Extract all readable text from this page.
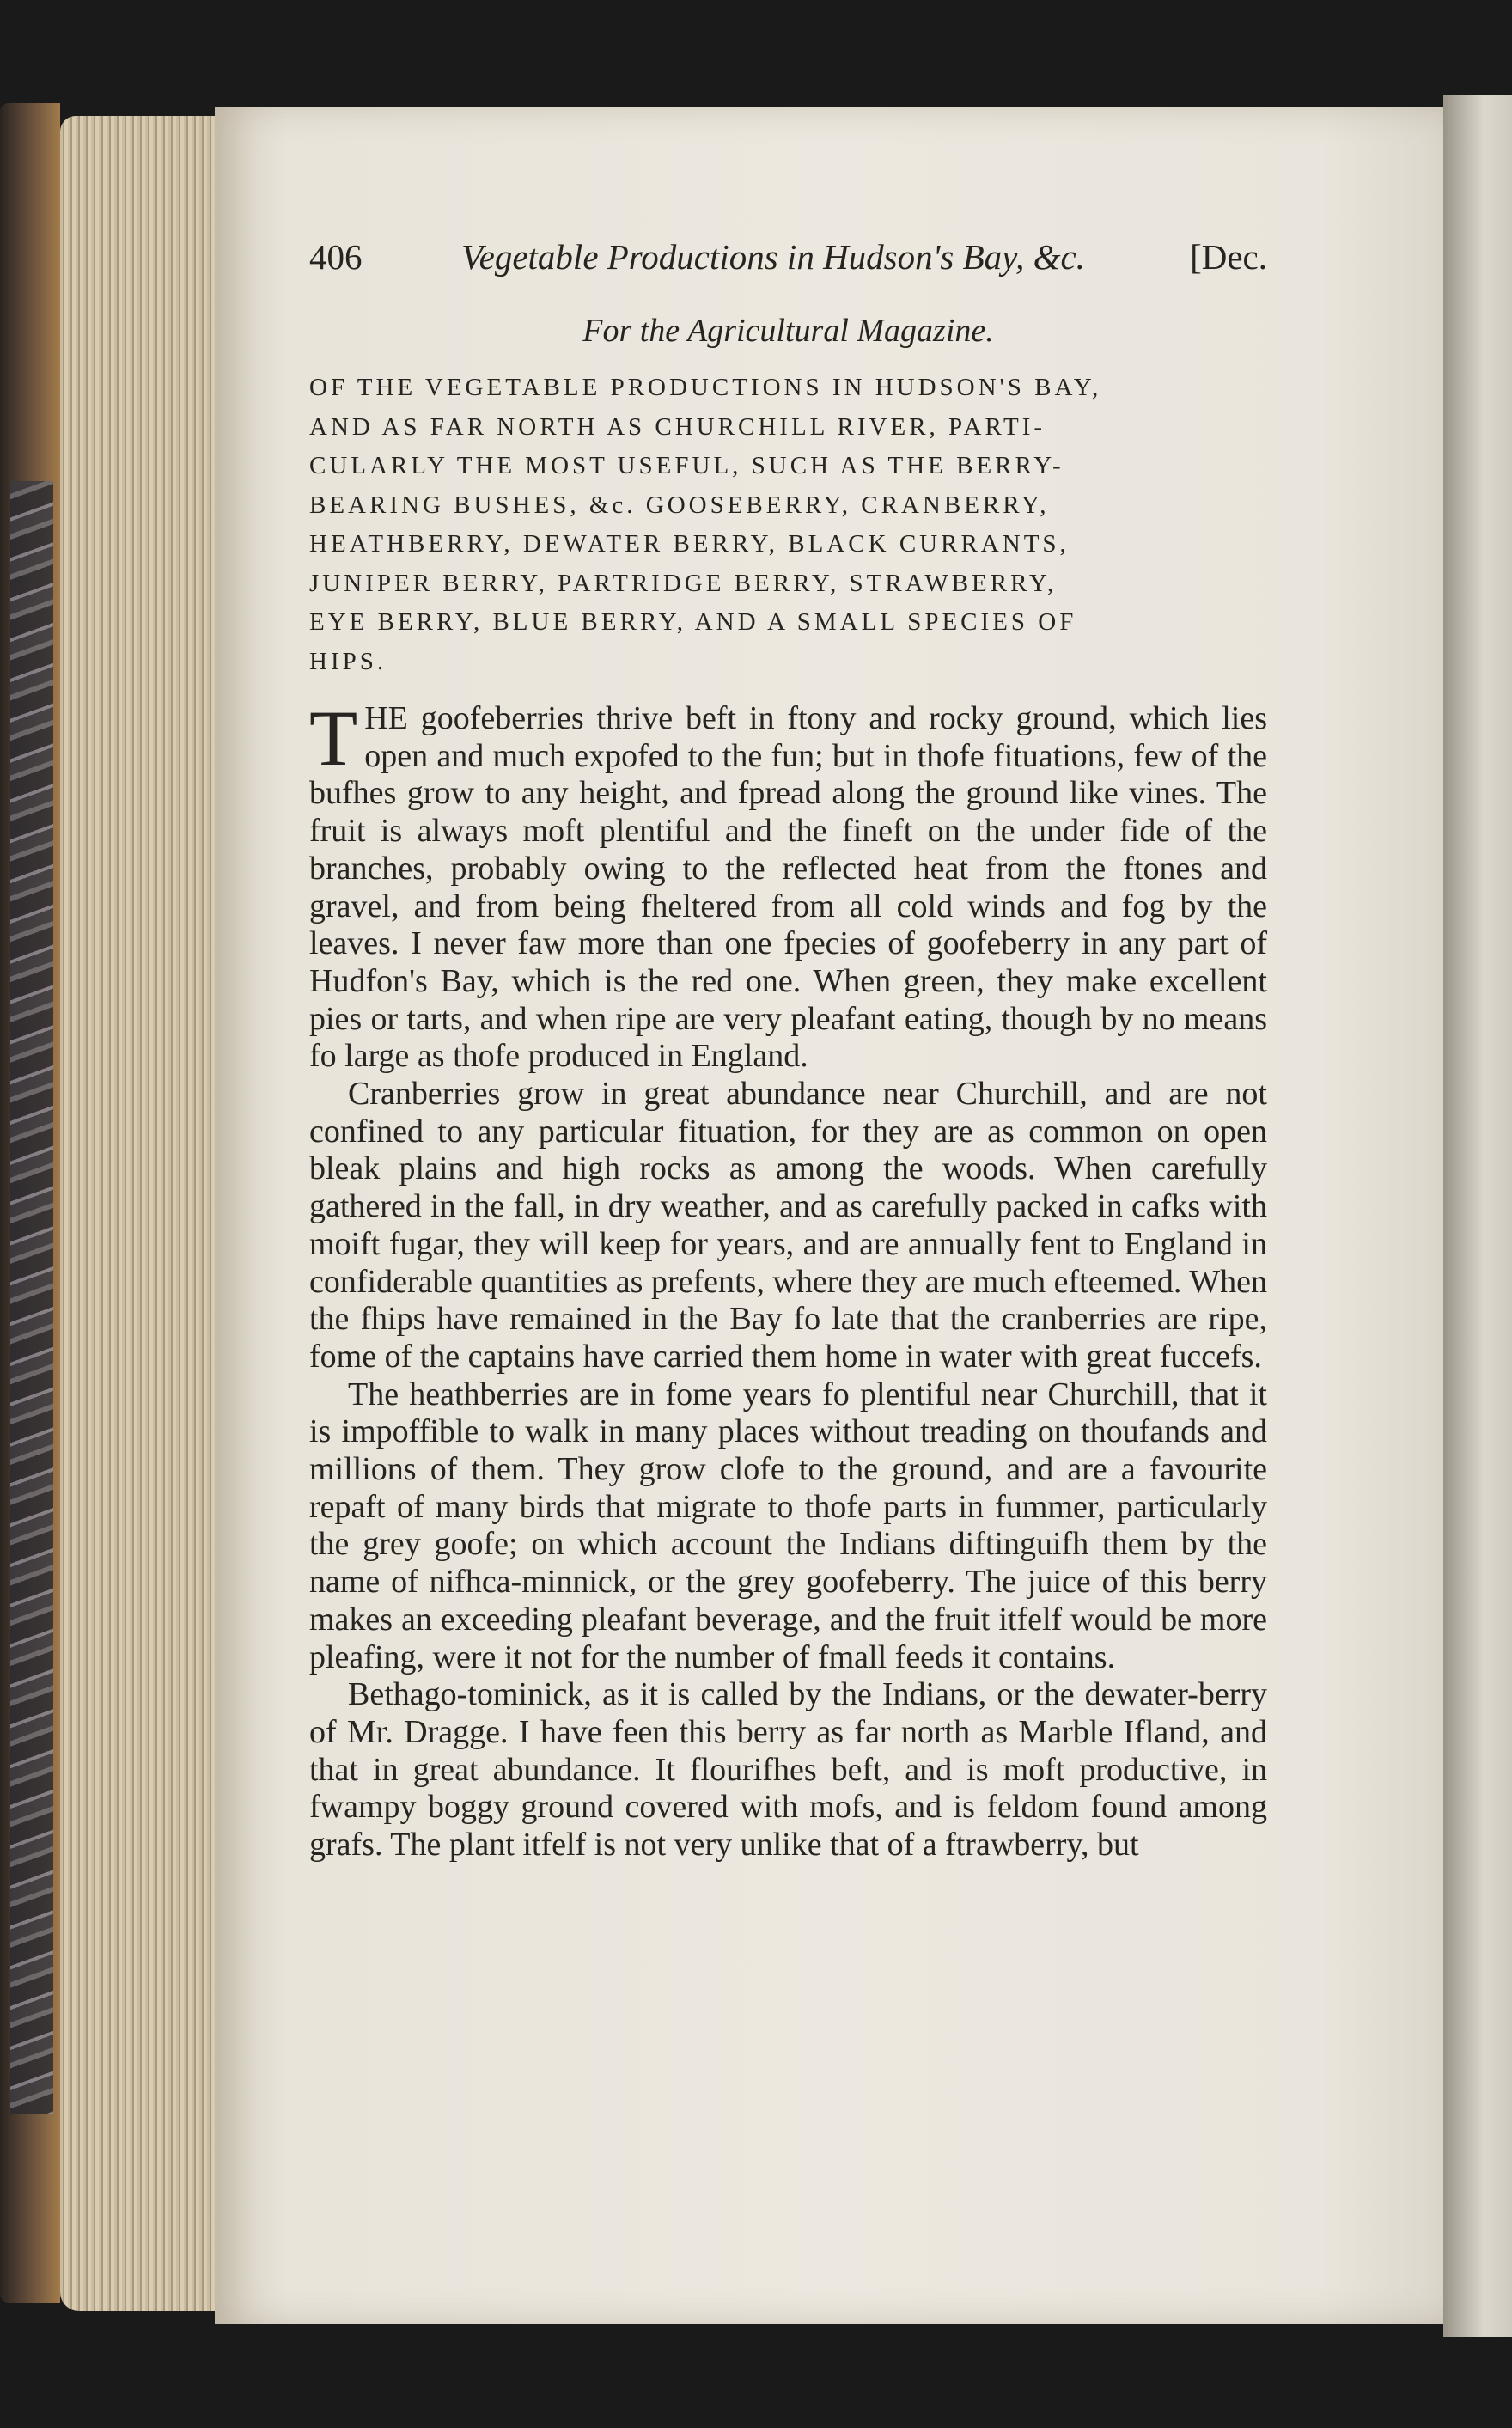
406	Vegetable Productions in Hudson's Bay, &c.	[Dec.
For the Agricultural Magazine.
OF THE VEGETABLE PRODUCTIONS IN HUDSON'S BAY,
AND AS FAR NORTH AS CHURCHILL RIVER, PARTI-
CULARLY THE MOST USEFUL, SUCH AS THE BERRY-
BEARING BUSHES, &c. GOOSEBERRY, CRANBERRY,
HEATHBERRY, DEWATER BERRY, BLACK CURRANTS,
JUNIPER BERRY, PARTRIDGE BERRY, STRAWBERRY,
EYE BERRY, BLUE BERRY, AND A SMALL SPECIES OF
HIPS.

THE goofeberries thrive beft in ftony and rocky ground, which lies open and much expofed to the fun; but in thofe fituations, few of the bufhes grow to any height, and fpread along the ground like vines. The fruit is always moft plentiful and the fineft on the under fide of the branches, probably owing to the reflected heat from the ftones and gravel, and from being fheltered from all cold winds and fog by the leaves. I never faw more than one fpecies of goofeberry in any part of Hudfon's Bay, which is the red one. When green, they make excellent pies or tarts, and when ripe are very pleafant eating, though by no means fo large as thofe produced in England.

Cranberries grow in great abundance near Churchill, and are not confined to any particular fituation, for they are as common on open bleak plains and high rocks as among the woods. When carefully gathered in the fall, in dry weather, and as carefully packed in cafks with moift fugar, they will keep for years, and are annually fent to England in confiderable quantities as prefents, where they are much efteemed. When the fhips have remained in the Bay fo late that the cranberries are ripe, fome of the captains have carried them home in water with great fuccefs.

The heathberries are in fome years fo plentiful near Churchill, that it is impoffible to walk in many places without treading on thoufands and millions of them. They grow clofe to the ground, and are a favourite repaft of many birds that migrate to thofe parts in fummer, particularly the grey goofe; on which account the Indians diftinguifh them by the name of nifhca-minnick, or the grey goofeberry. The juice of this berry makes an exceeding pleafant beverage, and the fruit itfelf would be more pleafing, were it not for the number of fmall feeds it contains.

Bethago-tominick, as it is called by the Indians, or the dewater-berry of Mr. Dragge. I have feen this berry as far north as Marble Ifland, and that in great abundance. It flourifhes beft, and is moft productive, in fwampy boggy ground covered with mofs, and is feldom found among grafs. The plant itfelf is not very unlike that of a ftrawberry, but
